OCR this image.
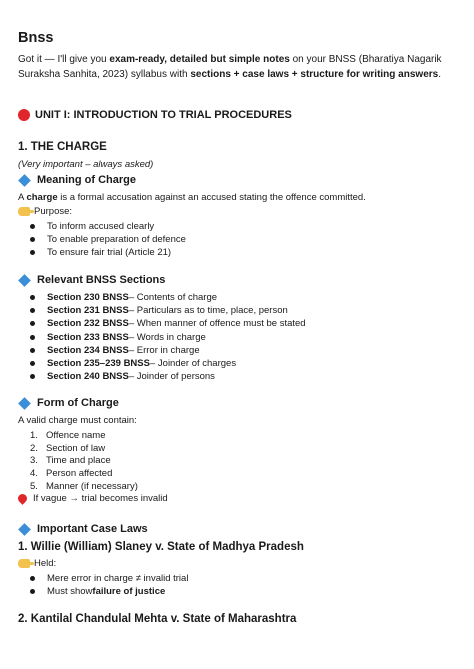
Bnss
Got it — I'll give you exam-ready, detailed but simple notes on your BNSS (Bharatiya Nagarik Suraksha Sanhita, 2023) syllabus with sections + case laws + structure for writing answers.
UNIT I: INTRODUCTION TO TRIAL PROCEDURES
1. THE CHARGE
(Very important – always asked)
Meaning of Charge
A charge is a formal accusation against an accused stating the offence committed.
Purpose:
To inform accused clearly
To enable preparation of defence
To ensure fair trial (Article 21)
Relevant BNSS Sections
Section 230 BNSS – Contents of charge
Section 231 BNSS – Particulars as to time, place, person
Section 232 BNSS – When manner of offence must be stated
Section 233 BNSS – Words in charge
Section 234 BNSS – Error in charge
Section 235–239 BNSS – Joinder of charges
Section 240 BNSS – Joinder of persons
Form of Charge
A valid charge must contain:
1. Offence name
2. Section of law
3. Time and place
4. Person affected
5. Manner (if necessary)
If vague → trial becomes invalid
Important Case Laws
1. Willie (William) Slaney v. State of Madhya Pradesh
Held:
Mere error in charge ≠ invalid trial
Must show failure of justice
2. Kantilal Chandulal Mehta v. State of Maharashtra
